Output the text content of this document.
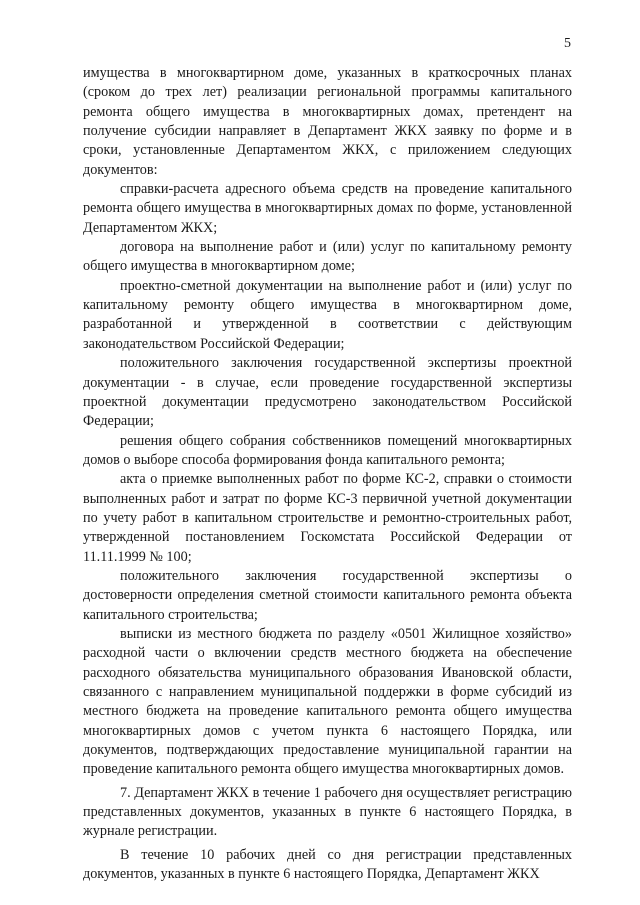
5

имущества в многоквартирном доме, указанных в краткосрочных планах (сроком до трех лет) реализации региональной программы капитального ремонта общего имущества в многоквартирных домах, претендент на получение субсидии направляет в Департамент ЖКХ заявку по форме и в сроки, установленные Департаментом ЖКХ, с приложением следующих документов:

справки-расчета адресного объема средств на проведение капитального ремонта общего имущества в многоквартирных домах по форме, установленной Департаментом ЖКХ;

договора на выполнение работ и (или) услуг по капитальному ремонту общего имущества в многоквартирном доме;

проектно-сметной документации на выполнение работ и (или) услуг по капитальному ремонту общего имущества в многоквартирном доме, разработанной и утвержденной в соответствии с действующим законодательством Российской Федерации;

положительного заключения государственной экспертизы проектной документации - в случае, если проведение государственной экспертизы проектной документации предусмотрено законодательством Российской Федерации;

решения общего собрания собственников помещений многоквартирных домов о выборе способа формирования фонда капитального ремонта;

акта о приемке выполненных работ по форме КС-2, справки о стоимости выполненных работ и затрат по форме КС-3 первичной учетной документации по учету работ в капитальном строительстве и ремонтно-строительных работ, утвержденной постановлением Госкомстата Российской Федерации от 11.11.1999 № 100;

положительного заключения государственной экспертизы о достоверности определения сметной стоимости капитального ремонта объекта капитального строительства;

выписки из местного бюджета по разделу «0501 Жилищное хозяйство» расходной части о включении средств местного бюджета на обеспечение расходного обязательства муниципального образования Ивановской области, связанного с направлением муниципальной поддержки в форме субсидий из местного бюджета на проведение капитального ремонта общего имущества многоквартирных домов с учетом пункта 6 настоящего Порядка, или документов, подтверждающих предоставление муниципальной гарантии на проведение капитального ремонта общего имущества многоквартирных домов.

7. Департамент ЖКХ в течение 1 рабочего дня осуществляет регистрацию представленных документов, указанных в пункте 6 настоящего Порядка, в журнале регистрации.

В течение 10 рабочих дней со дня регистрации представленных документов, указанных в пункте 6 настоящего Порядка, Департамент ЖКХ
